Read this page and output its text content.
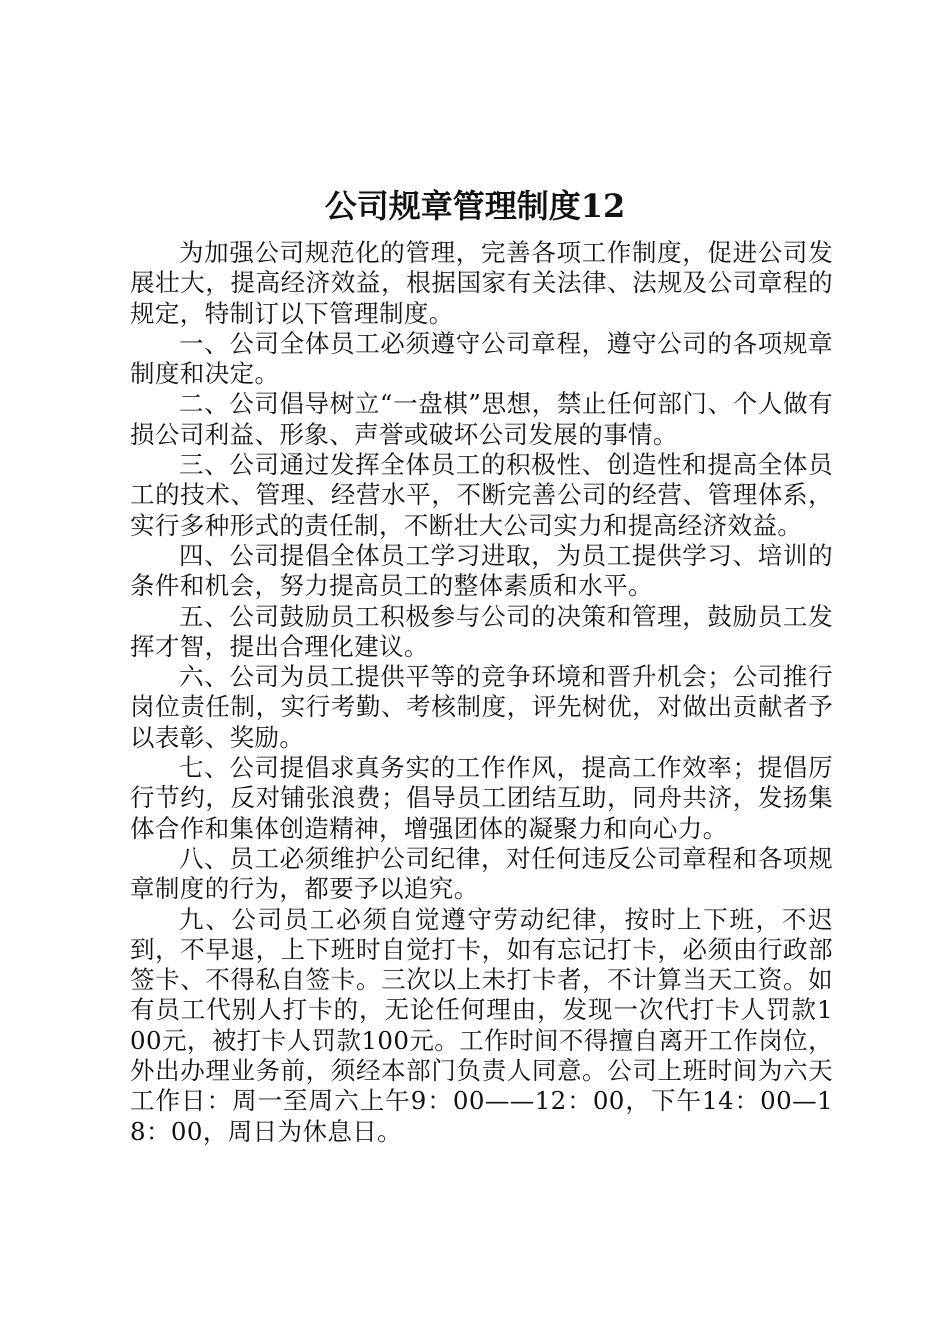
公司规章管理制度12

为加强公司规范化的管理，完善各项工作制度，促进公司发展壮大，提高经济效益，根据国家有关法律、法规及公司章程的规定，特制订以下管理制度。

一、公司全体员工必须遵守公司章程，遵守公司的各项规章制度和决定。

二、公司倡导树立“一盘棋”思想，禁止任何部门、个人做有损公司利益、形象、声誉或破坏公司发展的事情。

三、公司通过发挥全体员工的积极性、创造性和提高全体员工的技术、管理、经营水平，不断完善公司的经营、管理体系，实行多种形式的责任制，不断壮大公司实力和提高经济效益。

四、公司提倡全体员工学习进取，为员工提供学习、培训的条件和机会，努力提高员工的整体素质和水平。

五、公司鼓励员工积极参与公司的决策和管理，鼓励员工发挥才智，提出合理化建议。

六、公司为员工提供平等的竞争环境和晋升机会；公司推行岗位责任制，实行考勤、考核制度，评先树优，对做出贡献者予以表彰、奖励。

七、公司提倡求真务实的工作作风，提高工作效率；提倡厉行节约，反对铺张浪费；倡导员工团结互助，同舟共济，发扬集体合作和集体创造精神，增强团体的凝聚力和向心力。

八、员工必须维护公司纪律，对任何违反公司章程和各项规章制度的行为，都要予以追究。

九、公司员工必须自觉遵守劳动纪律，按时上下班，不迟到，不早退，上下班时自觉打卡，如有忘记打卡，必须由行政部签卡、不得私自签卡。三次以上未打卡者，不计算当天工资。如有员工代别人打卡的，无论任何理由，发现一次代打卡人罚款100元，被打卡人罚款100元。工作时间不得擅自离开工作岗位，外出办理业务前，须经本部门负责人同意。公司上班时间为六天工作日：周一至周六上午9：00——12：00，下午14：00—18：00，周日为休息日。
